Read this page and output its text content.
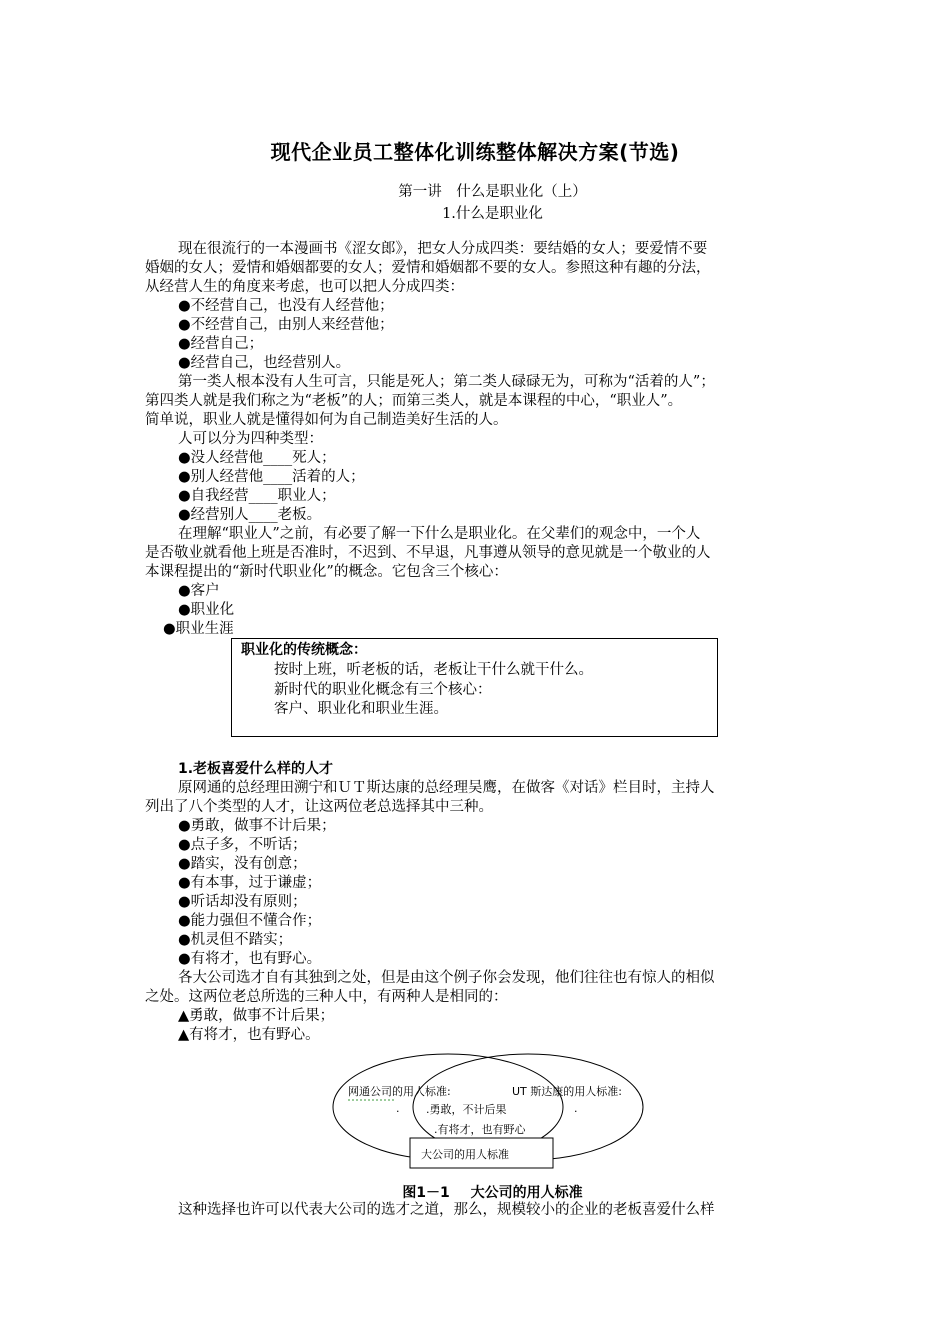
现代企业员工整体化训练整体解决方案(节选)
第一讲　什么是职业化（上）
1.什么是职业化
现在很流行的一本漫画书《涩女郎》，把女人分成四类：要结婚的女人；要爱情不要
婚姻的女人；爱情和婚姻都要的女人；爱情和婚姻都不要的女人。参照这种有趣的分法，
从经营人生的角度来考虑，也可以把人分成四类：
●不经营自己，也没有人经营他；
●不经营自己，由别人来经营他；
●经营自己；
●经营自己，也经营别人。
第一类人根本没有人生可言，只能是死人；第二类人碌碌无为，可称为“活着的人”；
第四类人就是我们称之为“老板”的人；而第三类人，就是本课程的中心，“职业人”。
简单说，职业人就是懂得如何为自己制造美好生活的人。
人可以分为四种类型：
●没人经营他____死人；
●别人经营他____活着的人；
●自我经营____职业人；
●经营别人____老板。
在理解“职业人”之前，有必要了解一下什么是职业化。在父辈们的观念中，一个人
是否敬业就看他上班是否准时，不迟到、不早退，凡事遵从领导的意见就是一个敬业的人
本课程提出的“新时代职业化”的概念。它包含三个核心：
●客户
●职业化
●职业生涯
职业化的传统概念：
按时上班，听老板的话，老板让干什么就干什么。
新时代的职业化概念有三个核心：
客户、职业化和职业生涯。
1.老板喜爱什么样的人才
原网通的总经理田溯宁和ＵＴ斯达康的总经理吴鹰，在做客《对话》栏目时，主持人
列出了八个类型的人才，让这两位老总选择其中三种。
●勇敢，做事不计后果；
●点子多，不听话；
●踏实，没有创意；
●有本事，过于谦虚；
●听话却没有原则；
●能力强但不懂合作；
●机灵但不踏实；
●有将才，也有野心。
各大公司选才自有其独到之处，但是由这个例子你会发现，他们往往也有惊人的相似
之处。这两位老总所选的三种人中，有两种人是相同的：
▲勇敢，做事不计后果；
▲有将才，也有野心。
网通公司的用人标准:	UT 斯达康的用人标准:
.	.
.勇敢，不计后果
.有将才，也有野心
大公司的用人标准
图1－1 大公司的用人标准
这种选择也许可以代表大公司的选才之道，那么，规模较小的企业的老板喜爱什么样
